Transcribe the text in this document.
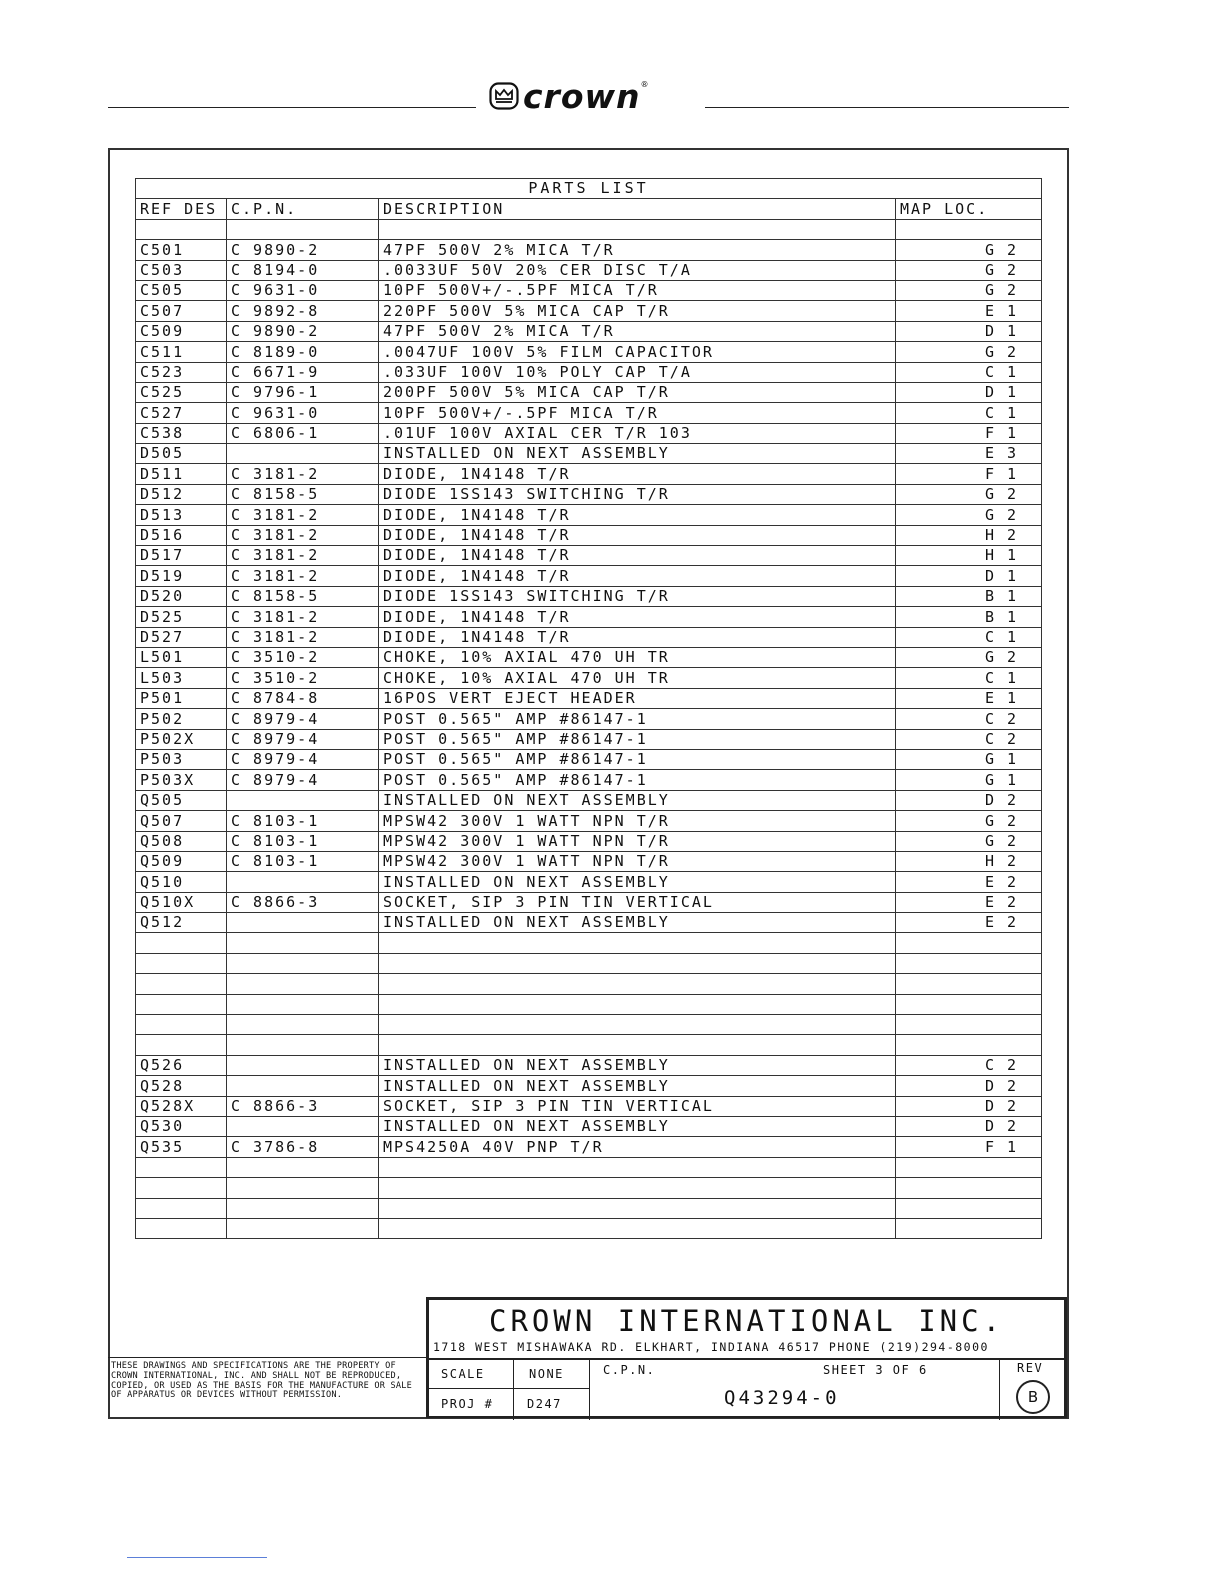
crown ®
PARTS LIST			
REF DES	C.P.N.	DESCRIPTION	MAP LOC.

C501	C 9890-2	47PF 500V 2% MICA T/R	G 2
C503	C 8194-0	.0033UF 50V 20% CER DISC T/A	G 2
C505	C 9631-0	10PF 500V+/-.5PF MICA T/R	G 2
C507	C 9892-8	220PF 500V 5% MICA CAP T/R	E 1
C509	C 9890-2	47PF 500V 2% MICA T/R	D 1
C511	C 8189-0	.0047UF 100V 5% FILM CAPACITOR	G 2
C523	C 6671-9	.033UF 100V 10% POLY CAP T/A	C 1
C525	C 9796-1	200PF 500V 5% MICA CAP T/R	D 1
C527	C 9631-0	10PF 500V+/-.5PF MICA T/R	C 1
C538	C 6806-1	.01UF 100V AXIAL CER T/R 103	F 1
D505		INSTALLED ON NEXT ASSEMBLY	E 3
D511	C 3181-2	DIODE, 1N4148 T/R	F 1
D512	C 8158-5	DIODE 1SS143 SWITCHING T/R	G 2
D513	C 3181-2	DIODE, 1N4148 T/R	G 2
D516	C 3181-2	DIODE, 1N4148 T/R	H 2
D517	C 3181-2	DIODE, 1N4148 T/R	H 1
D519	C 3181-2	DIODE, 1N4148 T/R	D 1
D520	C 8158-5	DIODE 1SS143 SWITCHING T/R	B 1
D525	C 3181-2	DIODE, 1N4148 T/R	B 1
D527	C 3181-2	DIODE, 1N4148 T/R	C 1
L501	C 3510-2	CHOKE, 10% AXIAL 470 UH TR	G 2
L503	C 3510-2	CHOKE, 10% AXIAL 470 UH TR	C 1
P501	C 8784-8	16POS VERT EJECT HEADER	E 1
P502	C 8979-4	POST 0.565" AMP #86147-1	C 2
P502X	C 8979-4	POST 0.565" AMP #86147-1	C 2
P503	C 8979-4	POST 0.565" AMP #86147-1	G 1
P503X	C 8979-4	POST 0.565" AMP #86147-1	G 1
Q505		INSTALLED ON NEXT ASSEMBLY	D 2
Q507	C 8103-1	MPSW42 300V 1 WATT NPN T/R	G 2
Q508	C 8103-1	MPSW42 300V 1 WATT NPN T/R	G 2
Q509	C 8103-1	MPSW42 300V 1 WATT NPN T/R	H 2
Q510		INSTALLED ON NEXT ASSEMBLY	E 2
Q510X	C 8866-3	SOCKET, SIP 3 PIN TIN VERTICAL	E 2
Q512		INSTALLED ON NEXT ASSEMBLY	E 2

Q526		INSTALLED ON NEXT ASSEMBLY	C 2
Q528		INSTALLED ON NEXT ASSEMBLY	D 2
Q528X	C 8866-3	SOCKET, SIP 3 PIN TIN VERTICAL	D 2
Q530		INSTALLED ON NEXT ASSEMBLY	D 2
Q535	C 3786-8	MPS4250A 40V PNP T/R	F 1

CROWN INTERNATIONAL INC.
1718 WEST MISHAWAKA RD. ELKHART, INDIANA 46517 PHONE (219)294-8000
SCALE	NONE
PROJ #	D247
C.P.N.	SHEET 3 OF 6
Q43294-0
REV
B
THESE DRAWINGS AND SPECIFICATIONS ARE THE PROPERTY OF CROWN INTERNATIONAL, INC. AND SHALL NOT BE REPRODUCED, COPIED, OR USED AS THE BASIS FOR THE MANUFACTURE OR SALE OF APPARATUS OR DEVICES WITHOUT PERMISSION.
